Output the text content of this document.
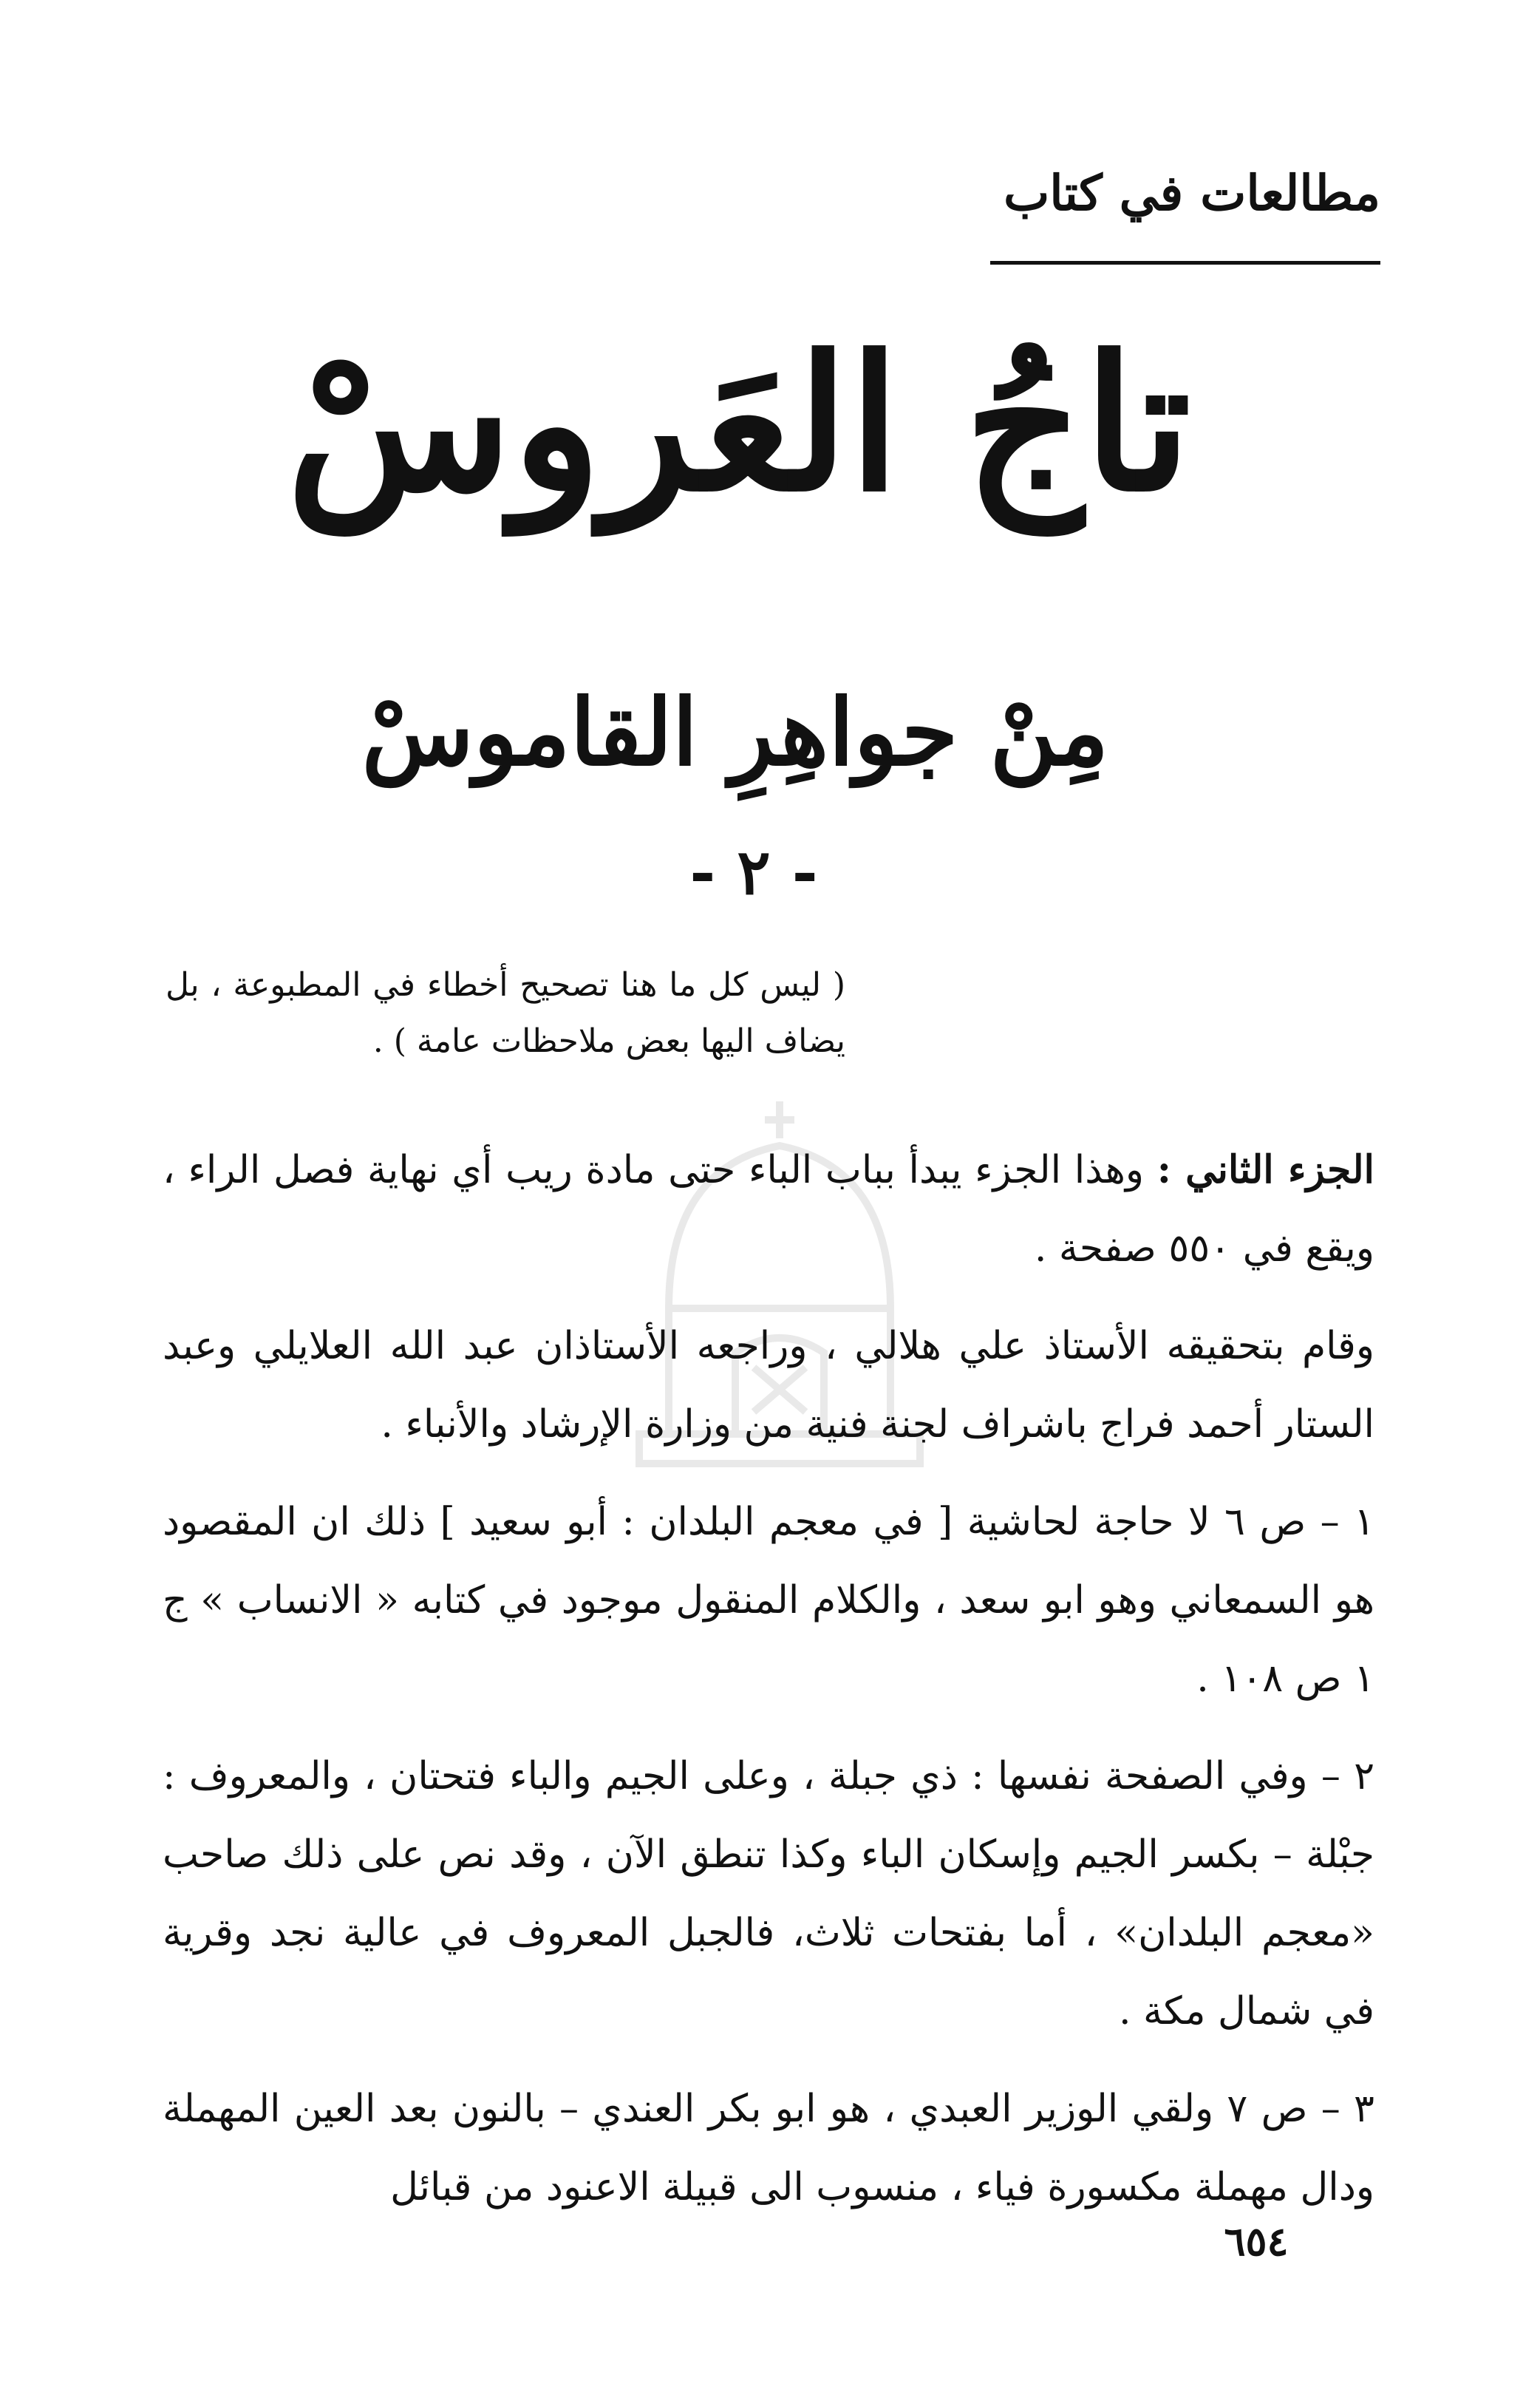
مطالعات في كتاب
تاجُ العَروسْ
مِنْ جواهِرِ القاموسْ
- ٢ -
( ليس كل ما هنا تصحيح أخطاء في المطبوعة ، بل يضاف اليها بعض ملاحظات عامة ) .

الجزء الثاني : وهذا الجزء يبدأ بباب الباء حتى مادة ريب أي نهاية فصل الراء ، ويقع في ٥٥٠ صفحة .

وقام بتحقيقه الأستاذ علي هلالي ، وراجعه الأستاذان عبد الله العلايلي وعبد الستار أحمد فراج باشراف لجنة فنية من وزارة الإرشاد والأنباء .

١ – ص ٦ لا حاجة لحاشية [ في معجم البلدان : أبو سعيد ] ذلك ان المقصود هو السمعاني وهو ابو سعد ، والكلام المنقول موجود في كتابه « الانساب » ج ١ ص ١٠٨ .

٢ – وفي الصفحة نفسها : ذي جبلة ، وعلى الجيم والباء فتحتان ، والمعروف : جبْلة – بكسر الجيم وإسكان الباء وكذا تنطق الآن ، وقد نص على ذلك صاحب «معجم البلدان» ، أما بفتحات ثلاث، فالجبل المعروف في عالية نجد وقرية في شمال مكة .

٣ – ص ٧ ولقي الوزير العبدي ، هو ابو بكر العندي – بالنون بعد العين المهملة ودال مهملة مكسورة فياء ، منسوب الى قبيلة الاعنود من قبائل

٦٥٤
